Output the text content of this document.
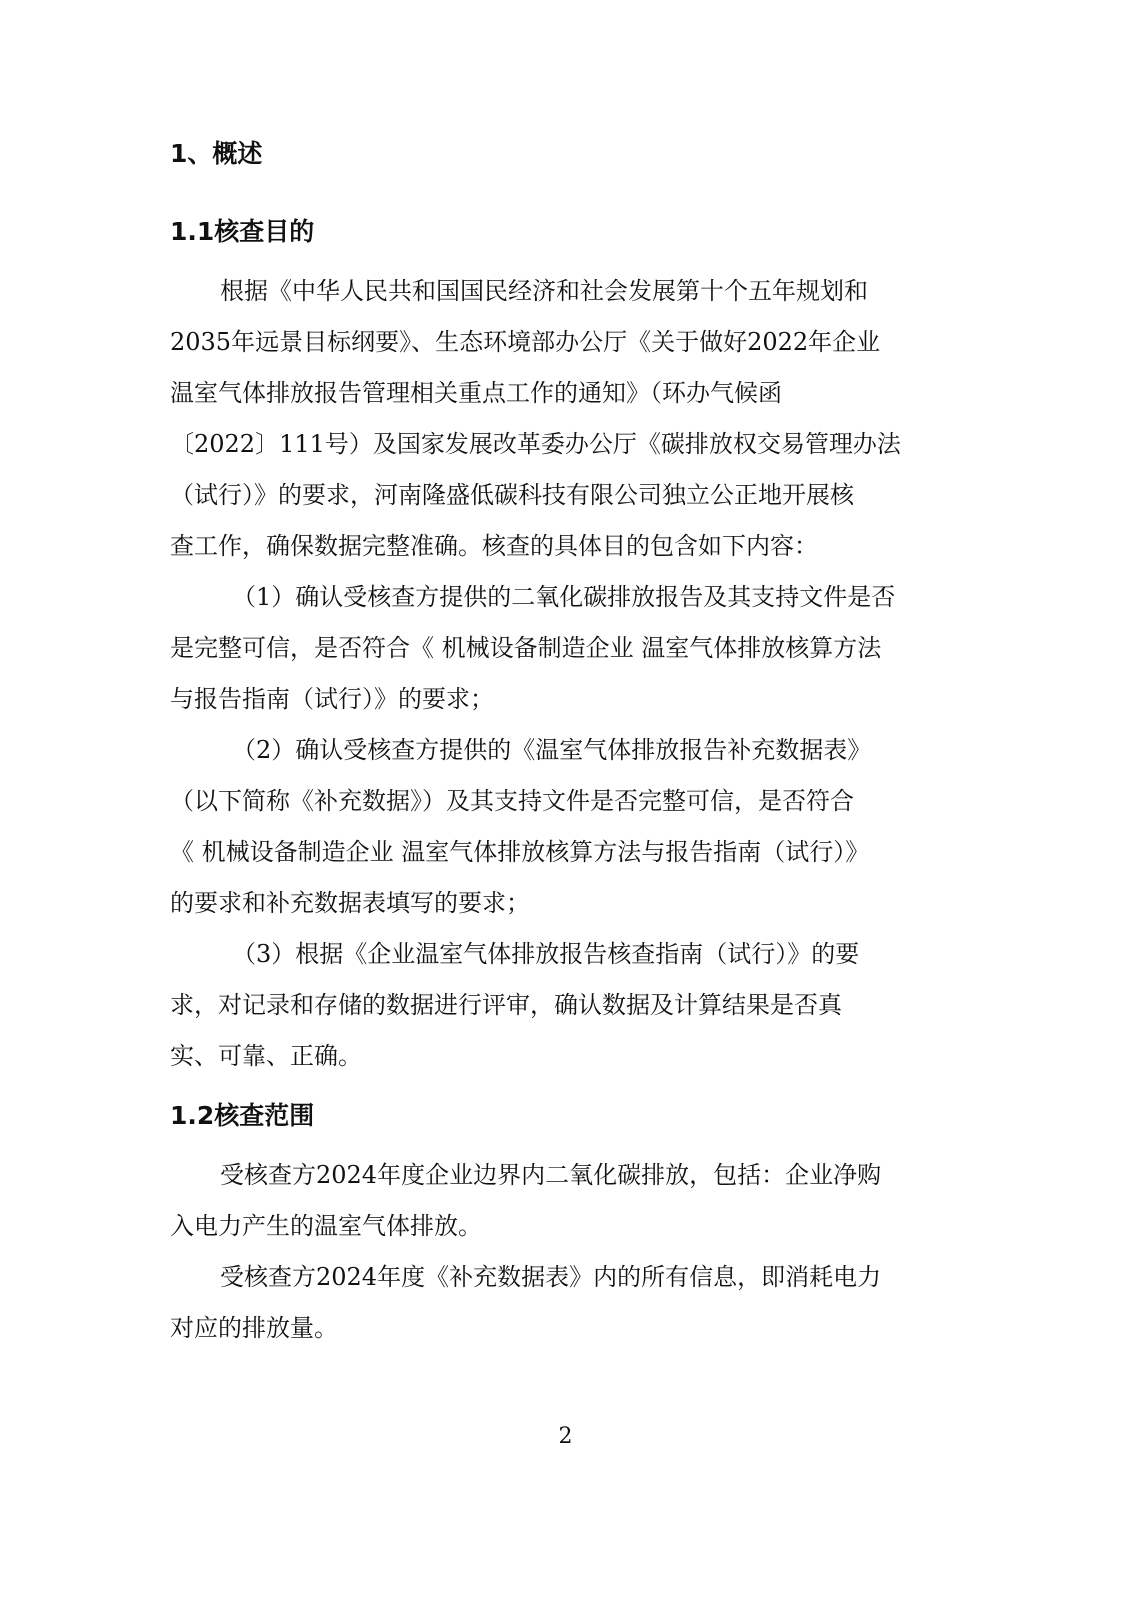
1、概述
1.1核查目的
根据《中华人民共和国国民经济和社会发展第十个五年规划和
2035年远景目标纲要》、生态环境部办公厅《关于做好2022年企业
温室气体排放报告管理相关重点工作的通知》（环办气候函
〔2022〕111号）及国家发展改革委办公厅《碳排放权交易管理办法
（试行）》的要求，河南隆盛低碳科技有限公司独立公正地开展核
查工作，确保数据完整准确。核查的具体目的包含如下内容：
（1）确认受核查方提供的二氧化碳排放报告及其支持文件是否
是完整可信，是否符合《 机械设备制造企业 温室气体排放核算方法
与报告指南（试行）》的要求；
（2）确认受核查方提供的《温室气体排放报告补充数据表》
（以下简称《补充数据》）及其支持文件是否完整可信，是否符合
《 机械设备制造企业 温室气体排放核算方法与报告指南（试行）》
的要求和补充数据表填写的要求；
（3）根据《企业温室气体排放报告核查指南（试行）》的要
求，对记录和存储的数据进行评审，确认数据及计算结果是否真
实、可靠、正确。
1.2核查范围
受核查方2024年度企业边界内二氧化碳排放，包括：企业净购
入电力产生的温室气体排放。
受核查方2024年度《补充数据表》内的所有信息，即消耗电力
对应的排放量。
2
